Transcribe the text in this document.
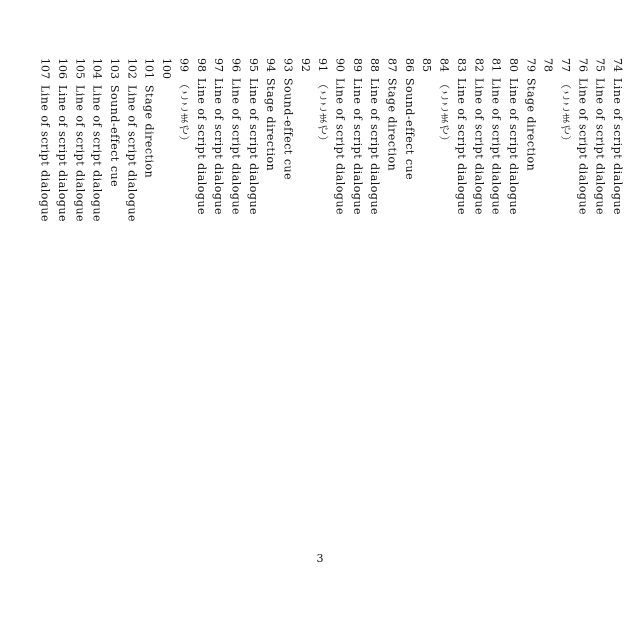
74Line of script dialogue
75Line of script dialogue
76Line of script dialogue
77（ここまで）
78
79Stage direction
80Line of script dialogue
81Line of script dialogue
82Line of script dialogue
83Line of script dialogue
84（ここまで）
85
86Sound-effect cue
87Stage direction
88Line of script dialogue
89Line of script dialogue
90Line of script dialogue
91（ここまで）
92
93Sound-effect cue
94Stage direction
95Line of script dialogue
96Line of script dialogue
97Line of script dialogue
98Line of script dialogue
99（ここまで）
100
101Stage direction
102Line of script dialogue
103Sound-effect cue
104Line of script dialogue
105Line of script dialogue
106Line of script dialogue
107Line of script dialogue
3
